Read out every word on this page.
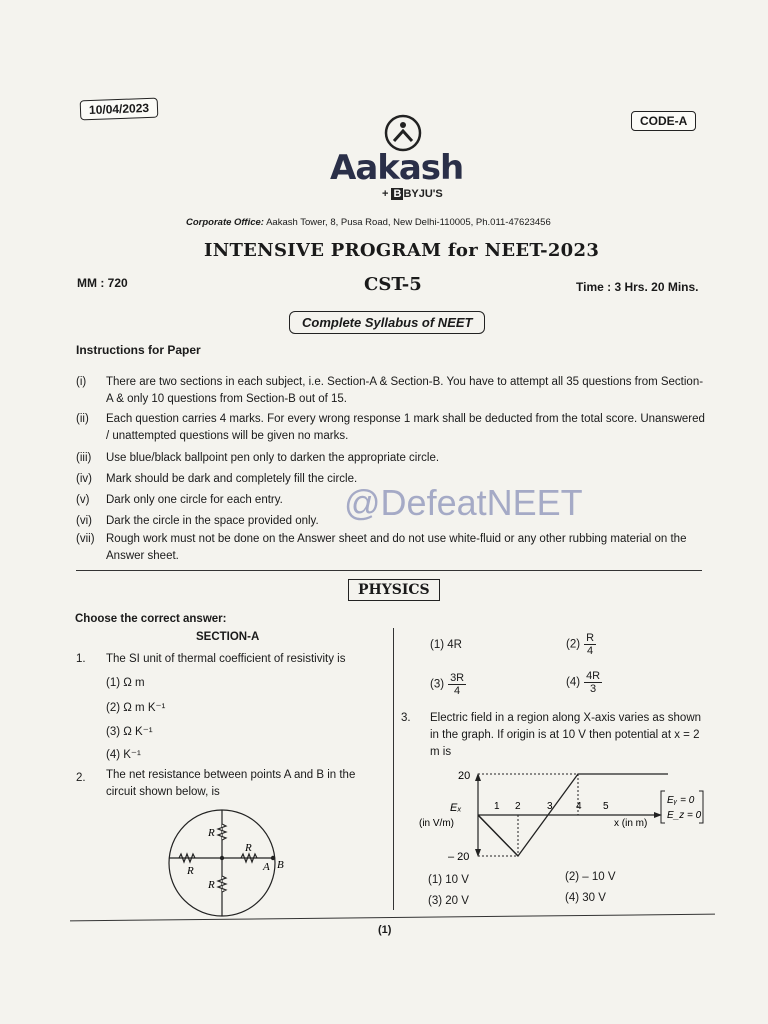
10/04/2023
CODE-A
Aakash
+ B BYJU'S
Corporate Office: Aakash Tower, 8, Pusa Road, New Delhi-110005, Ph.011-47623456
INTENSIVE PROGRAM for NEET-2023
MM : 720	CST-5	Time : 3 Hrs. 20 Mins.
Complete Syllabus of NEET
Instructions for Paper
(i)	There are two sections in each subject, i.e. Section-A & Section-B. You have to attempt all 35 questions from Section-A & only 10 questions from Section-B out of 15.
(ii)	Each question carries 4 marks. For every wrong response 1 mark shall be deducted from the total score. Unanswered / unattempted questions will be given no marks.
(iii)	Use blue/black ballpoint pen only to darken the appropriate circle.
(iv)	Mark should be dark and completely fill the circle.
(v)	Dark only one circle for each entry.
(vi)	Dark the circle in the space provided only.
(vii) Rough work must not be done on the Answer sheet and do not use white-fluid or any other rubbing material on the Answer sheet.
@DefeatNEET
PHYSICS
Choose the correct answer:
SECTION-A
1. The SI unit of thermal coefficient of resistivity is
(1) Ω m
(2) Ω m K⁻¹
(3) Ω K⁻¹
(4) K⁻¹
2. The net resistance between points A and B in the circuit shown below, is
R
R
R
R
A B
(1) 4R	$(2) \frac{R}{4}$
$(3) \frac{3R}{4}$	$(4) \frac{4R}{3}$
3. Electric field in a region along X-axis varies as shown in the graph. If origin is at 10 V then potential at x = 2 m is
20
– 20
Eₓ
(in V/m)
1 2	3 4 5
x (in m)
Eᵧ = 0
E_z = 0
(1) 10 V	(2) – 10 V
(3) 20 V	(4) 30 V
(1)
